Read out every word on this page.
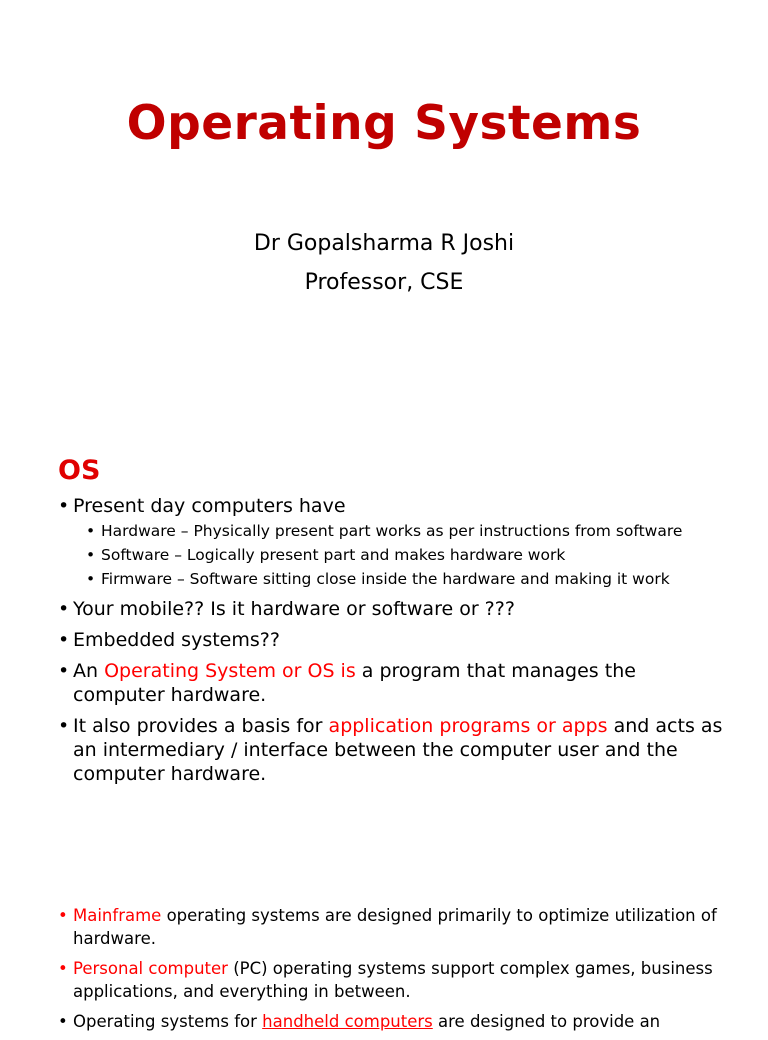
Operating Systems
Dr Gopalsharma R Joshi
Professor, CSE
OS
• Present day computers have
• Hardware – Physically present part works as per instructions from software
• Software – Logically present part and makes hardware work
• Firmware – Software sitting close inside the hardware and making it work
• Your mobile?? Is it hardware or software or ???
• Embedded systems??
• An Operating System or OS is a program that manages the computer hardware.
• It also provides a basis for application programs or apps and acts as an intermediary / interface between the computer user and the computer hardware.
• Mainframe operating systems are designed primarily to optimize utilization of hardware.
• Personal computer (PC) operating systems support complex games, business applications, and everything in between.
• Operating systems for handheld computers are designed to provide an
